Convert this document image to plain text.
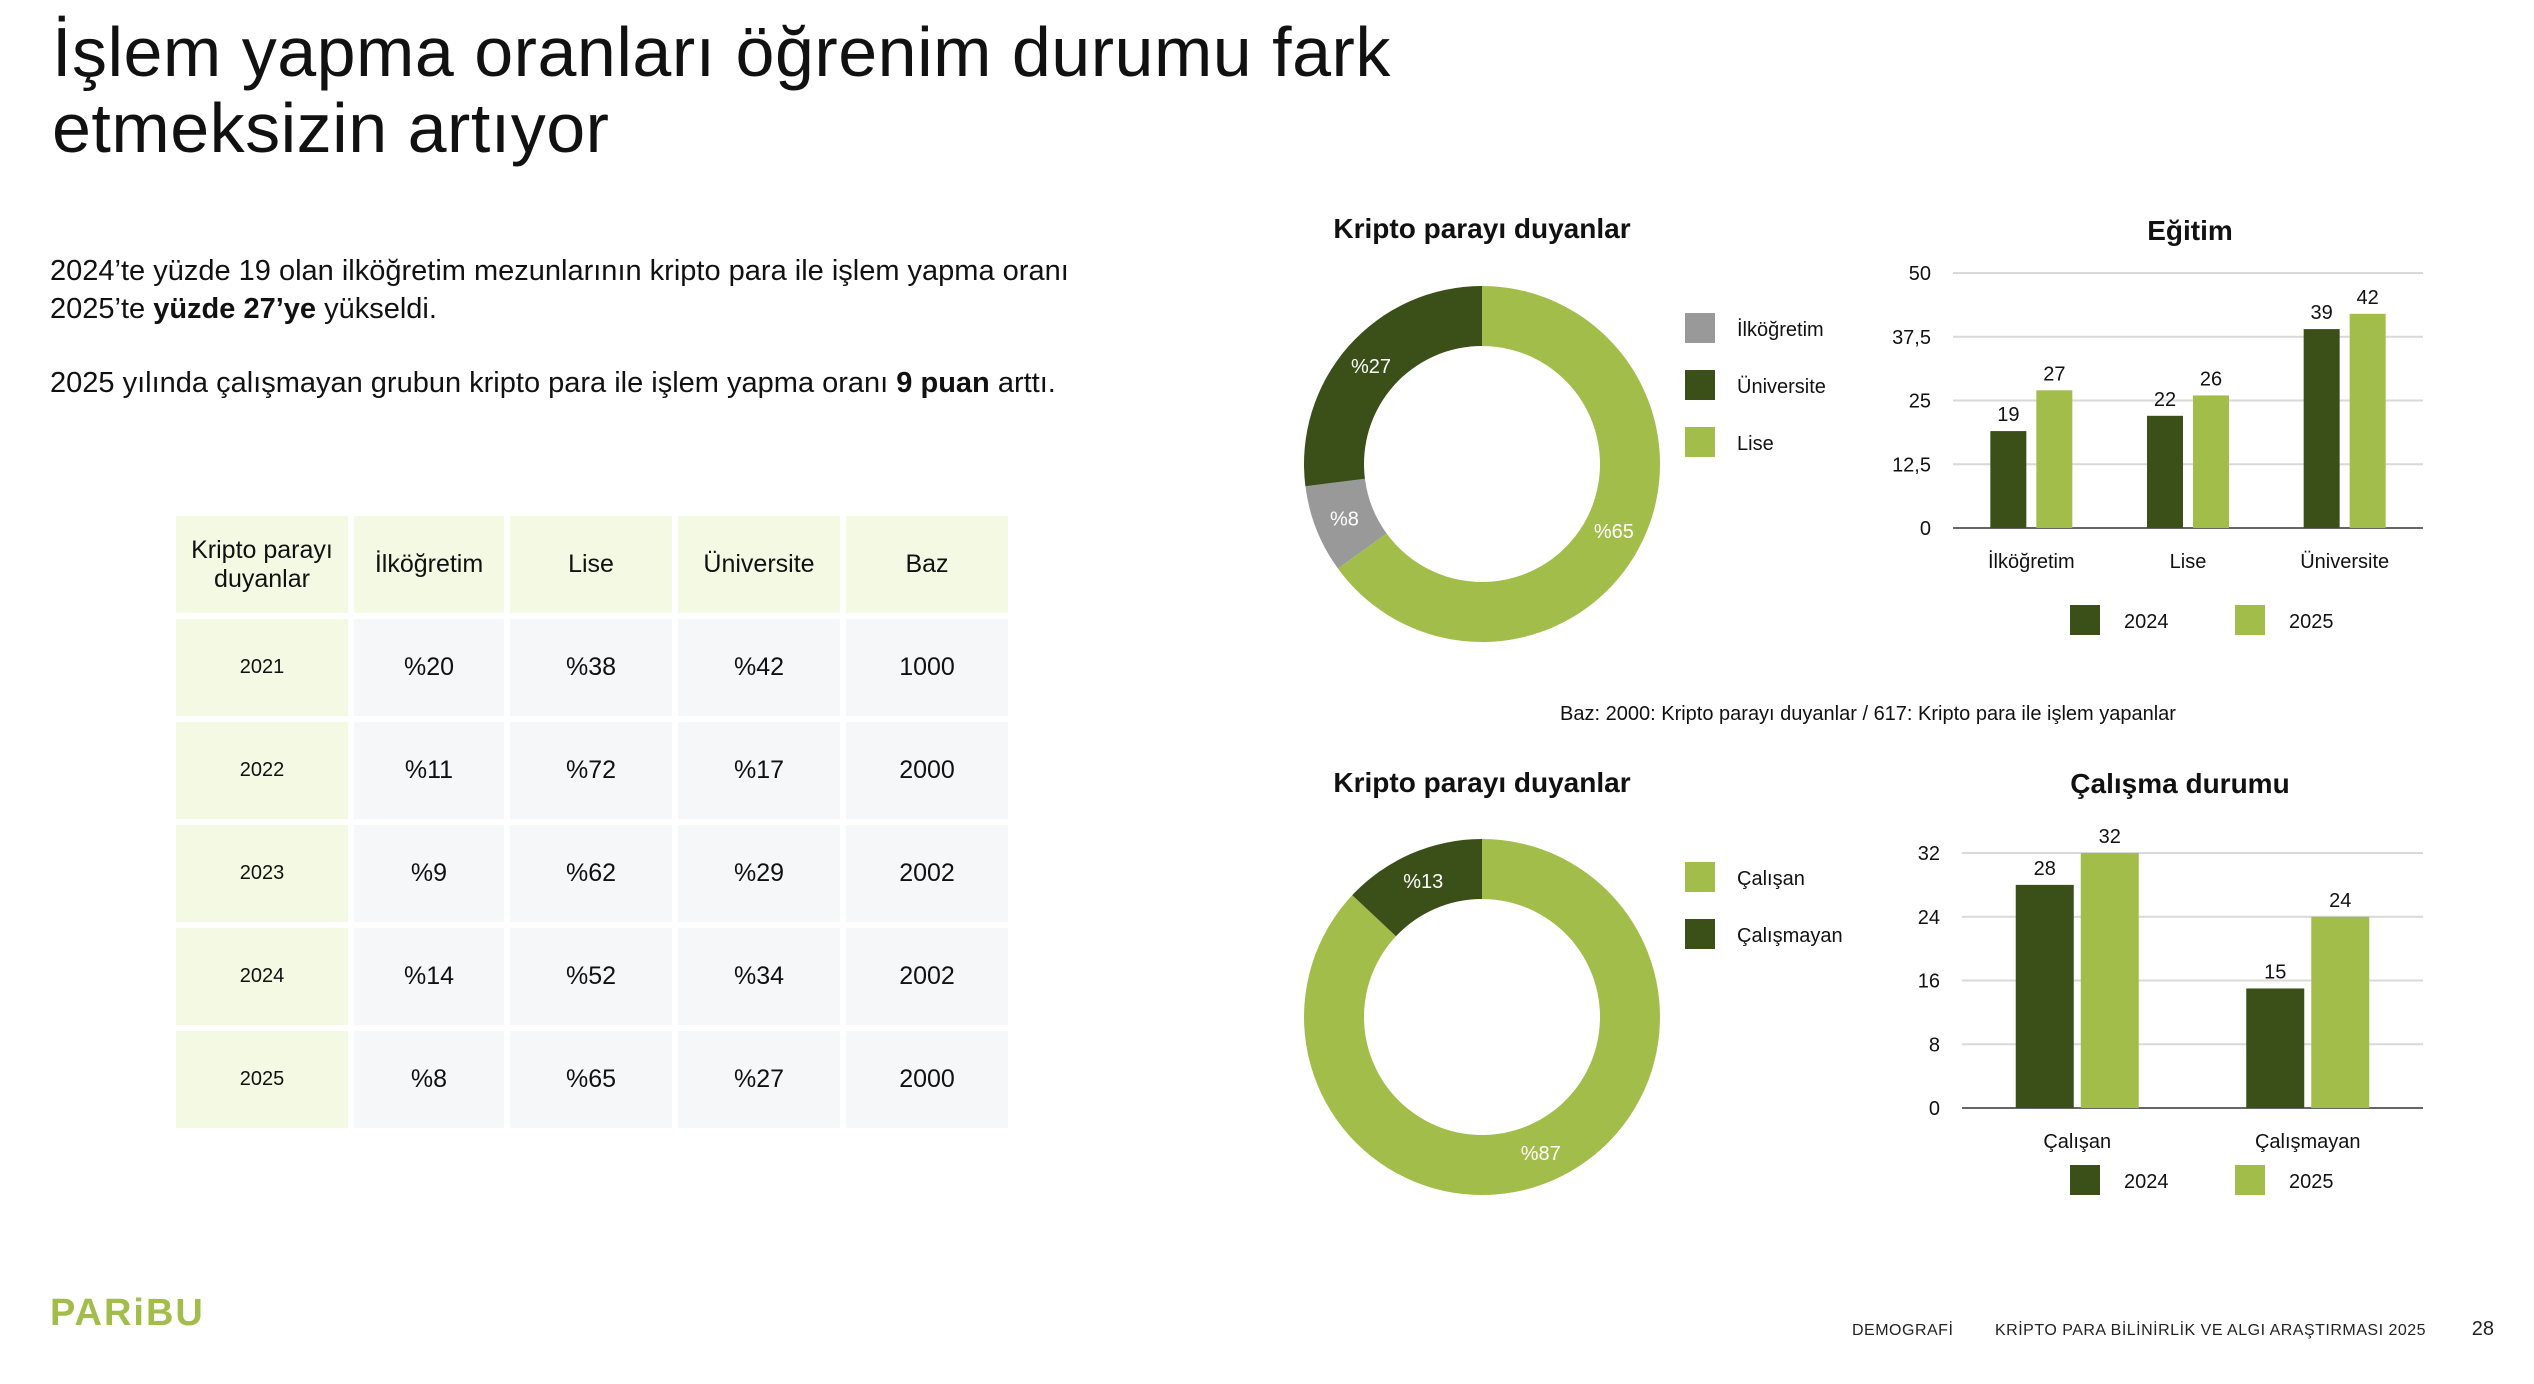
İşlem yapma oranları öğrenim durumu fark etmeksizin artıyor

2024’te yüzde 19 olan ilköğretim mezunlarının kripto para ile işlem yapma oranı 2025’te yüzde 27’ye yükseldi.

2025 yılında çalışmayan grubun kripto para ile işlem yapma oranı 9 puan arttı.

Kripto parayı duyanlar	İlköğretim	Lise	Üniversite	Baz
2021	%20	%38	%42	1000
2022	%11	%72	%17	2000
2023	%9	%62	%29	2002
2024	%14	%52	%34	2002
2025	%8	%65	%27	2000
Kripto parayı duyanlar
%65
%8
%27
İlköğretim
Üniversite
Lise
Eğitim
0
12,5
25
37,5
50
19
27
İlköğretim
22
26
Lise
39
42
Üniversite
2024	2025
Baz: 2000: Kripto parayı duyanlar / 617: Kripto para ile işlem yapanlar
Kripto parayı duyanlar
%87
%13	Çalışan
Çalışmayan
Çalışma durumu
0
8
16
24
32
28
32
Çalışan
15
24
Çalışmayan
2024	2025
PARiBU	DEMOGRAFİ	KRİPTO PARA BİLİNİRLİK VE ALGI ARAŞTIRMASI 2025 28
